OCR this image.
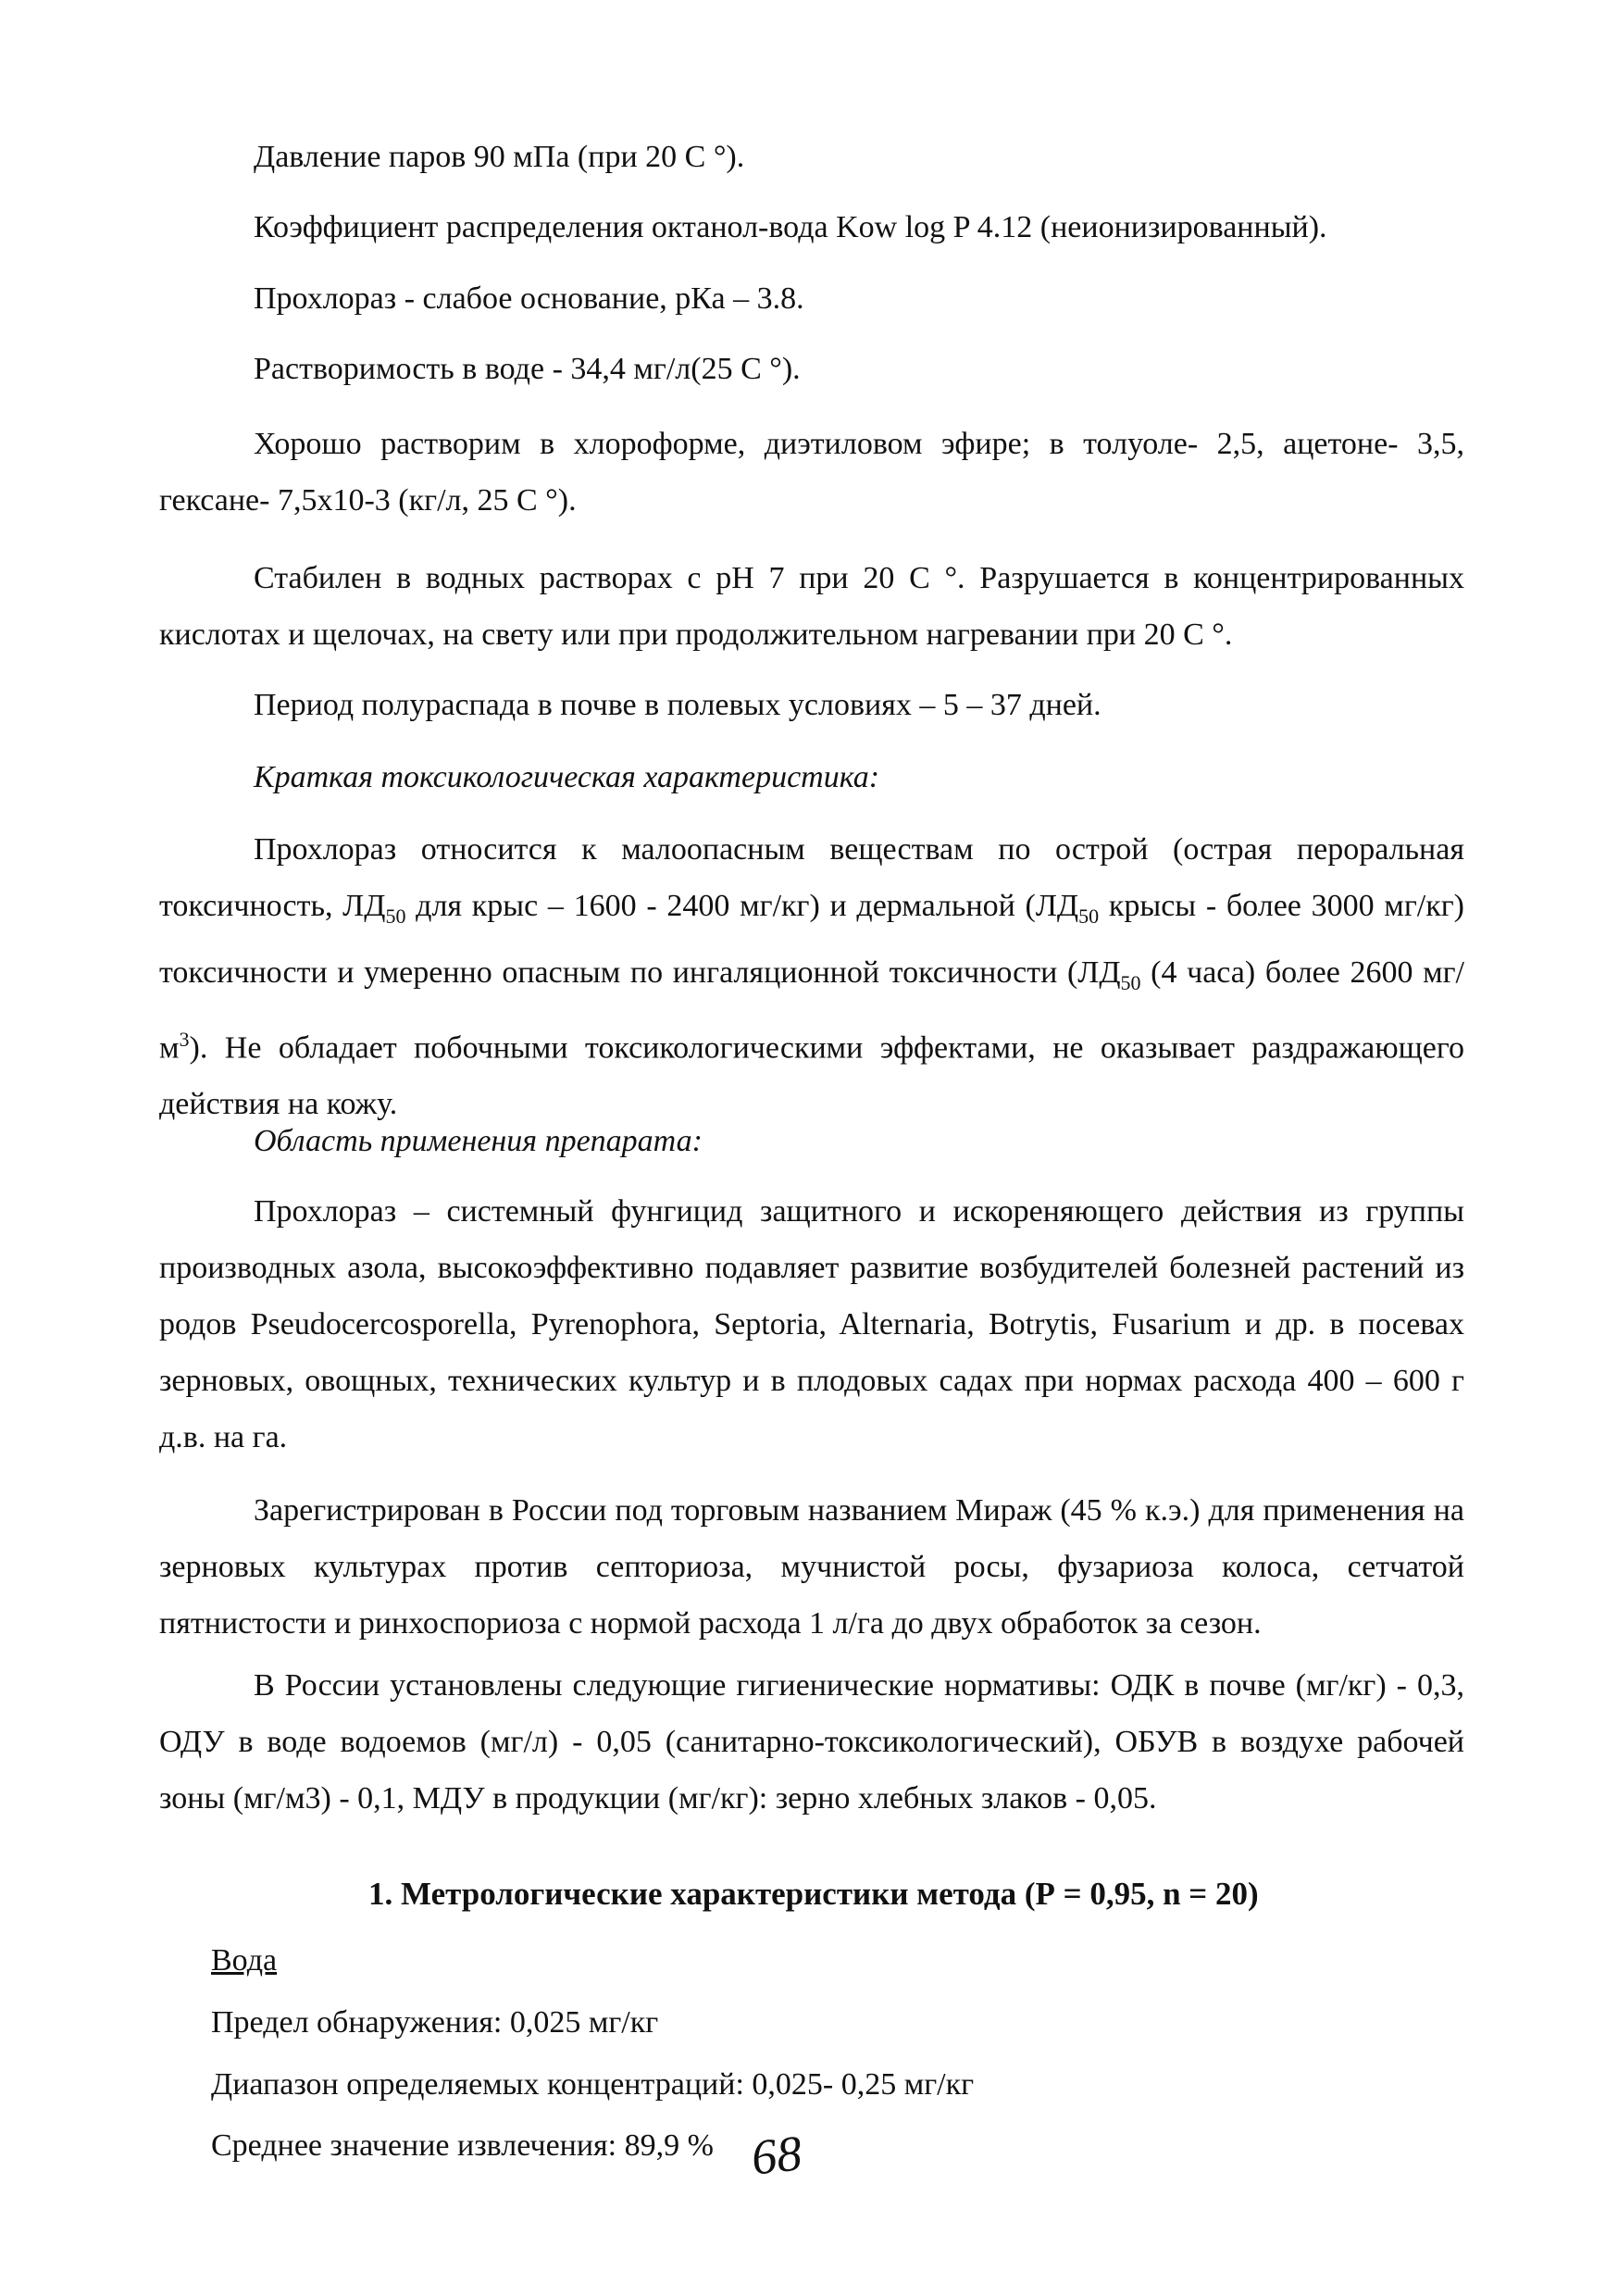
Давление паров 90 мПа (при 20 С °).
Коэффициент распределения октанол-вода Kow log P 4.12 (неионизированный).
Прохлораз - слабое основание, рКа – 3.8.
Растворимость в воде - 34,4 мг/л(25 С °).
Хорошо растворим в хлороформе, диэтиловом эфире; в толуоле- 2,5, ацетоне- 3,5, гексане- 7,5x10-3 (кг/л, 25 С °).
Стабилен в водных растворах с рН 7 при 20 С °. Разрушается в концентрированных кислотах и щелочах, на свету или при продолжительном нагревании при 20 С °.
Период полураспада в почве в полевых условиях – 5 – 37 дней.
Краткая токсикологическая характеристика:
Прохлораз относится к малоопасным веществам по острой (острая пероральная токсичность, $ЛД_{50}$ для крыс – 1600 - 2400 мг/кг) и дермальной ($ЛД_{50}$ крысы - более 3000 мг/кг) токсичности и умеренно опасным по ингаляционной токсичности ($ЛД_{50}$ (4 часа) более 2600 $мг/м^3$). Не обладает побочными токсикологическими эффектами, не оказывает раздражающего действия на кожу.
Область применения препарата:
Прохлораз – системный фунгицид защитного и искореняющего действия из группы производных азола, высокоэффективно подавляет развитие возбудителей болезней растений из родов Pseudocercosporella, Pyrenophora, Septoria, Alternaria, Botrytis, Fusarium и др. в посевах зерновых, овощных, технических культур и в плодовых садах при нормах расхода 400 – 600 г д.в. на га.
Зарегистрирован в России под торговым названием Мираж (45 % к.э.) для применения на зерновых культурах против септориоза, мучнистой росы, фузариоза колоса, сетчатой пятнистости и ринхоспориоза с нормой расхода 1 л/га до двух обработок за сезон.
В России установлены следующие гигиенические нормативы: ОДК в почве (мг/кг) - 0,3, ОДУ в воде водоемов (мг/л) - 0,05 (санитарно-токсикологический), ОБУВ в воздухе рабочей зоны (мг/м3) - 0,1, МДУ в продукции (мг/кг): зерно хлебных злаков - 0,05.
1. Метрологические характеристики метода (Р = 0,95, n = 20)
Вода
Предел обнаружения: 0,025 мг/кг
Диапазон определяемых концентраций: 0,025- 0,25 мг/кг
Среднее значение извлечения: 89,9 % 68
